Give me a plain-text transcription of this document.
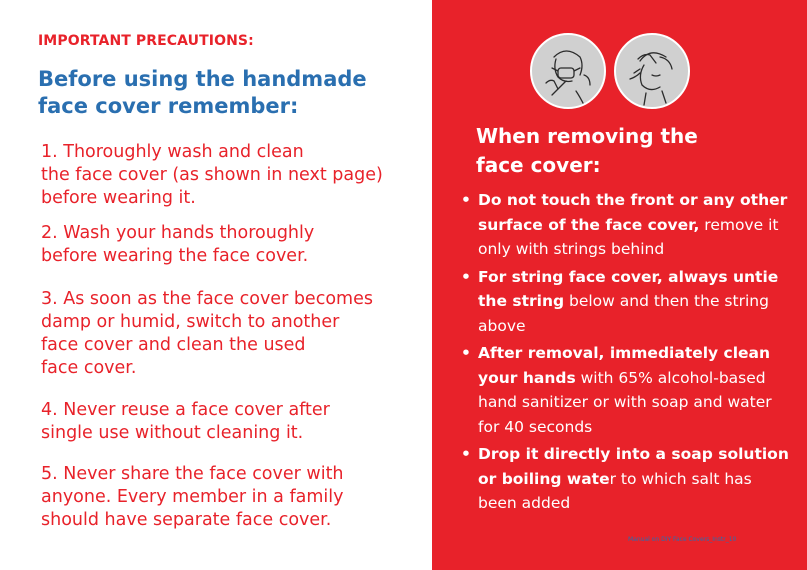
IMPORTANT PRECAUTIONS:
Before using the handmade
face cover remember:
1. Thoroughly wash and clean
the face cover (as shown in next page)
before wearing it.
2. Wash your hands thoroughly
before wearing the face cover.
3. As soon as the face cover becomes
damp or humid, switch to another
face cover and clean the used
face cover.
4. Never reuse a face cover after
single use without cleaning it.
5. Never share the face cover with
anyone. Every member in a family
should have separate face cover.
When removing the
face cover:
• Do not touch the front or any other surface of the face cover, remove it only with strings behind
• For string face cover, always untie the string below and then the string above
• After removal, immediately clean your hands with 65% alcohol-based hand sanitizer or with soap and water for 40 seconds
• Drop it directly into a soap solution or boiling water to which salt has been added
Manual on DIY Face Covers_Instr_10
